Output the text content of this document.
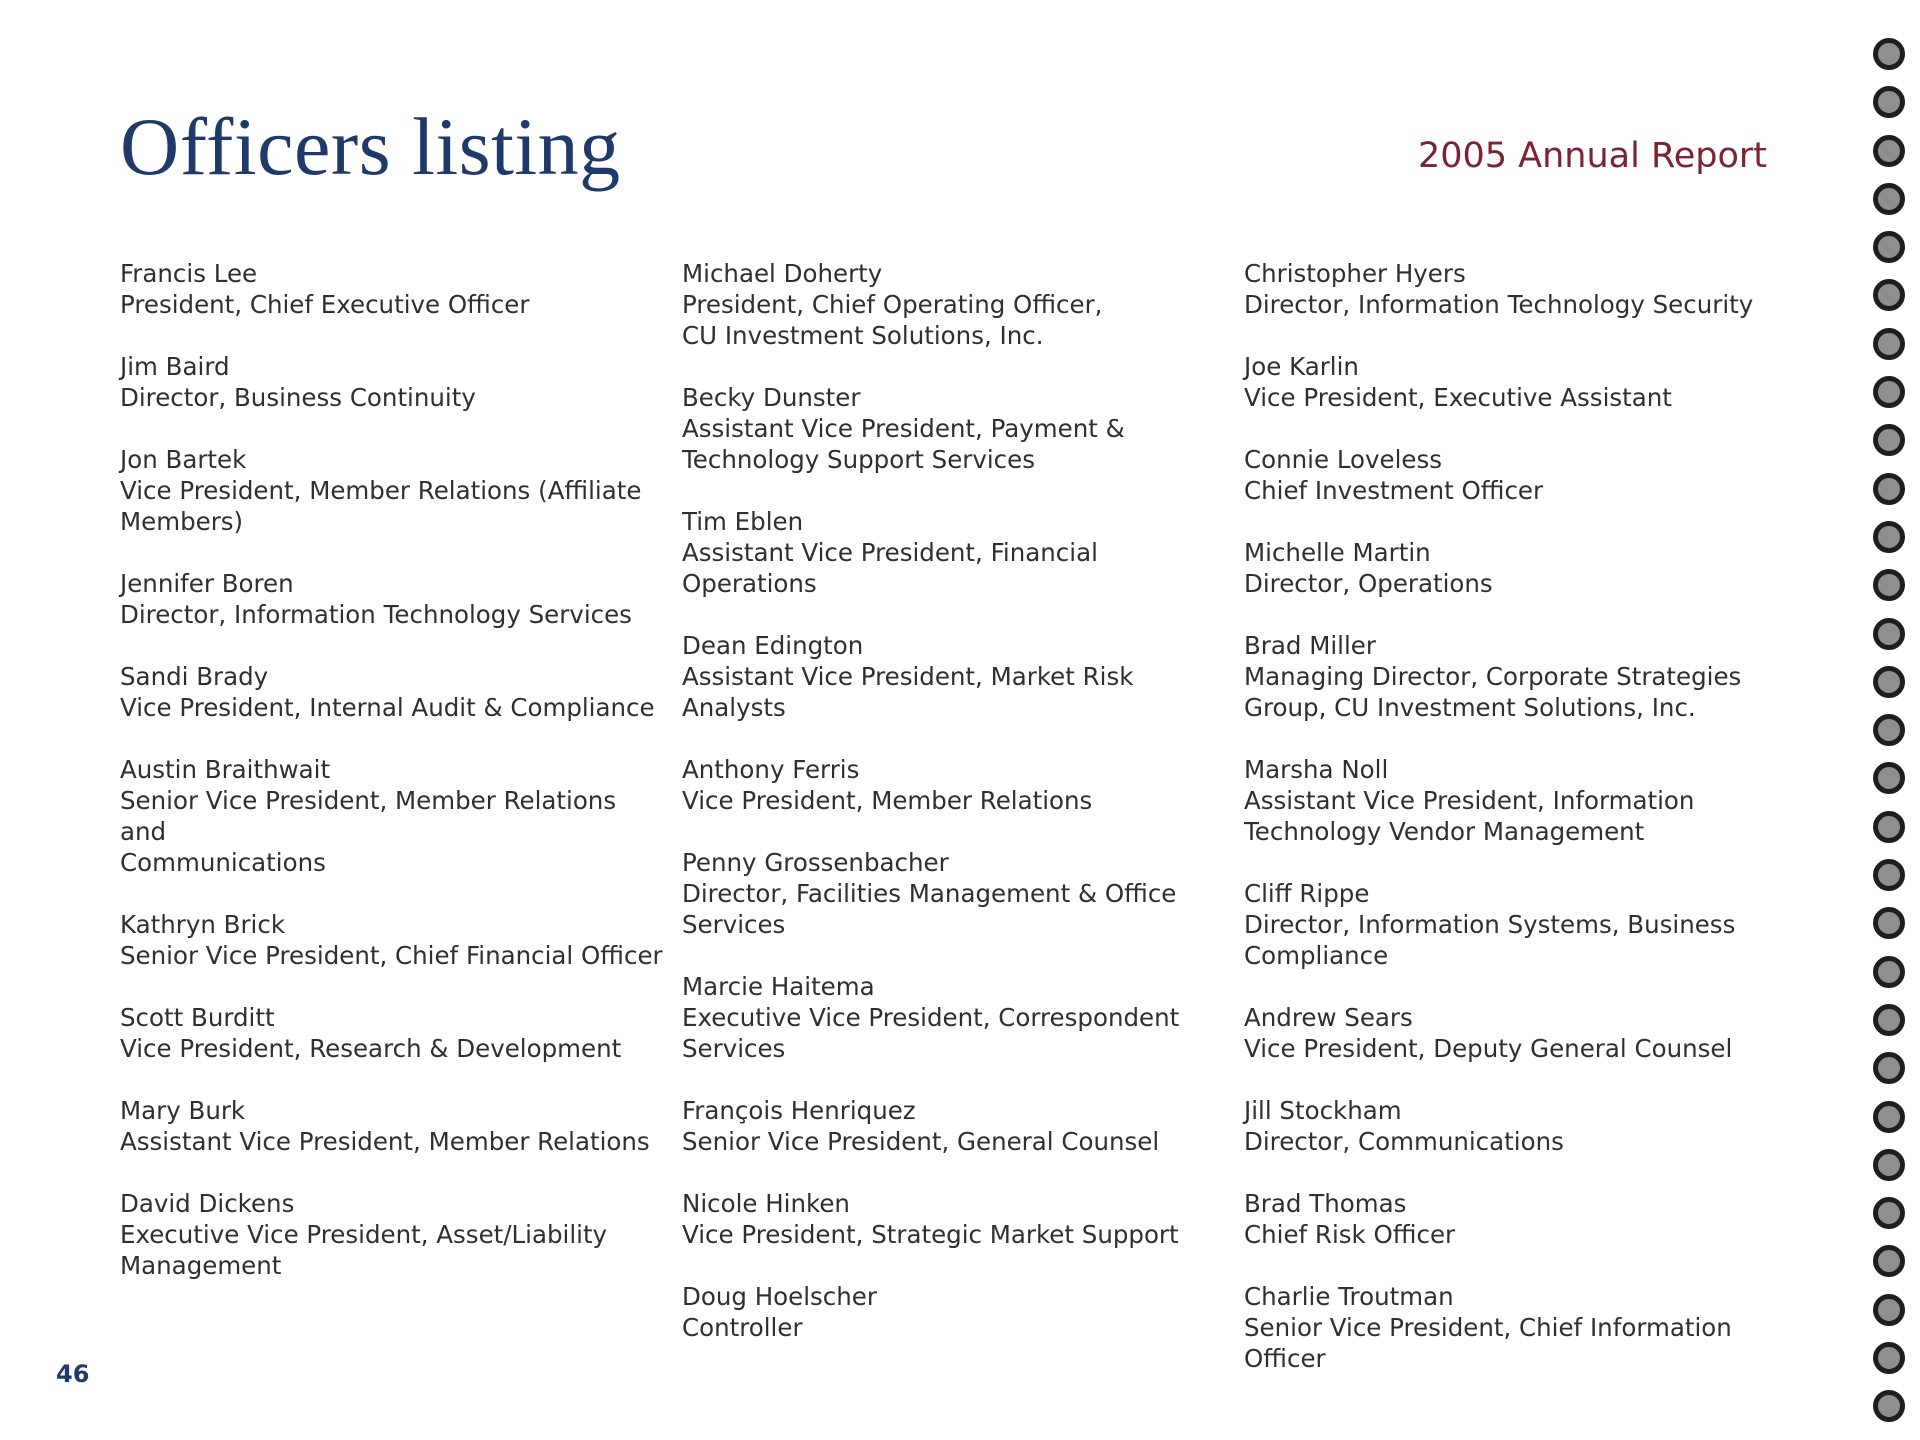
Officers listing	2005 Annual Report
Francis Lee
President, Chief Executive Officer
Jim Baird
Director, Business Continuity
Jon Bartek
Vice President, Member Relations (Affiliate
Members)
Jennifer Boren
Director, Information Technology Services
Sandi Brady
Vice President, Internal Audit & Compliance
Austin Braithwait
Senior Vice President, Member Relations and
Communications
Kathryn Brick
Senior Vice President, Chief Financial Officer
Scott Burditt
Vice President, Research & Development
Mary Burk
Assistant Vice President, Member Relations
David Dickens
Executive Vice President, Asset/Liability
Management
Michael Doherty
President, Chief Operating Officer,
CU Investment Solutions, Inc.
Becky Dunster
Assistant Vice President, Payment &
Technology Support Services
Tim Eblen
Assistant Vice President, Financial Operations
Dean Edington
Assistant Vice President, Market Risk Analysts
Anthony Ferris
Vice President, Member Relations
Penny Grossenbacher
Director, Facilities Management & Office
Services
Marcie Haitema
Executive Vice President, Correspondent
Services
François Henriquez
Senior Vice President, General Counsel
Nicole Hinken
Vice President, Strategic Market Support
Doug Hoelscher
Controller
Christopher Hyers
Director, Information Technology Security
Joe Karlin
Vice President, Executive Assistant
Connie Loveless
Chief Investment Officer
Michelle Martin
Director, Operations
Brad Miller
Managing Director, Corporate Strategies
Group, CU Investment Solutions, Inc.
Marsha Noll
Assistant Vice President, Information
Technology Vendor Management
Cliff Rippe
Director, Information Systems, Business
Compliance
Andrew Sears
Vice President, Deputy General Counsel
Jill Stockham
Director, Communications
Brad Thomas
Chief Risk Officer
Charlie Troutman
Senior Vice President, Chief Information Officer
46
